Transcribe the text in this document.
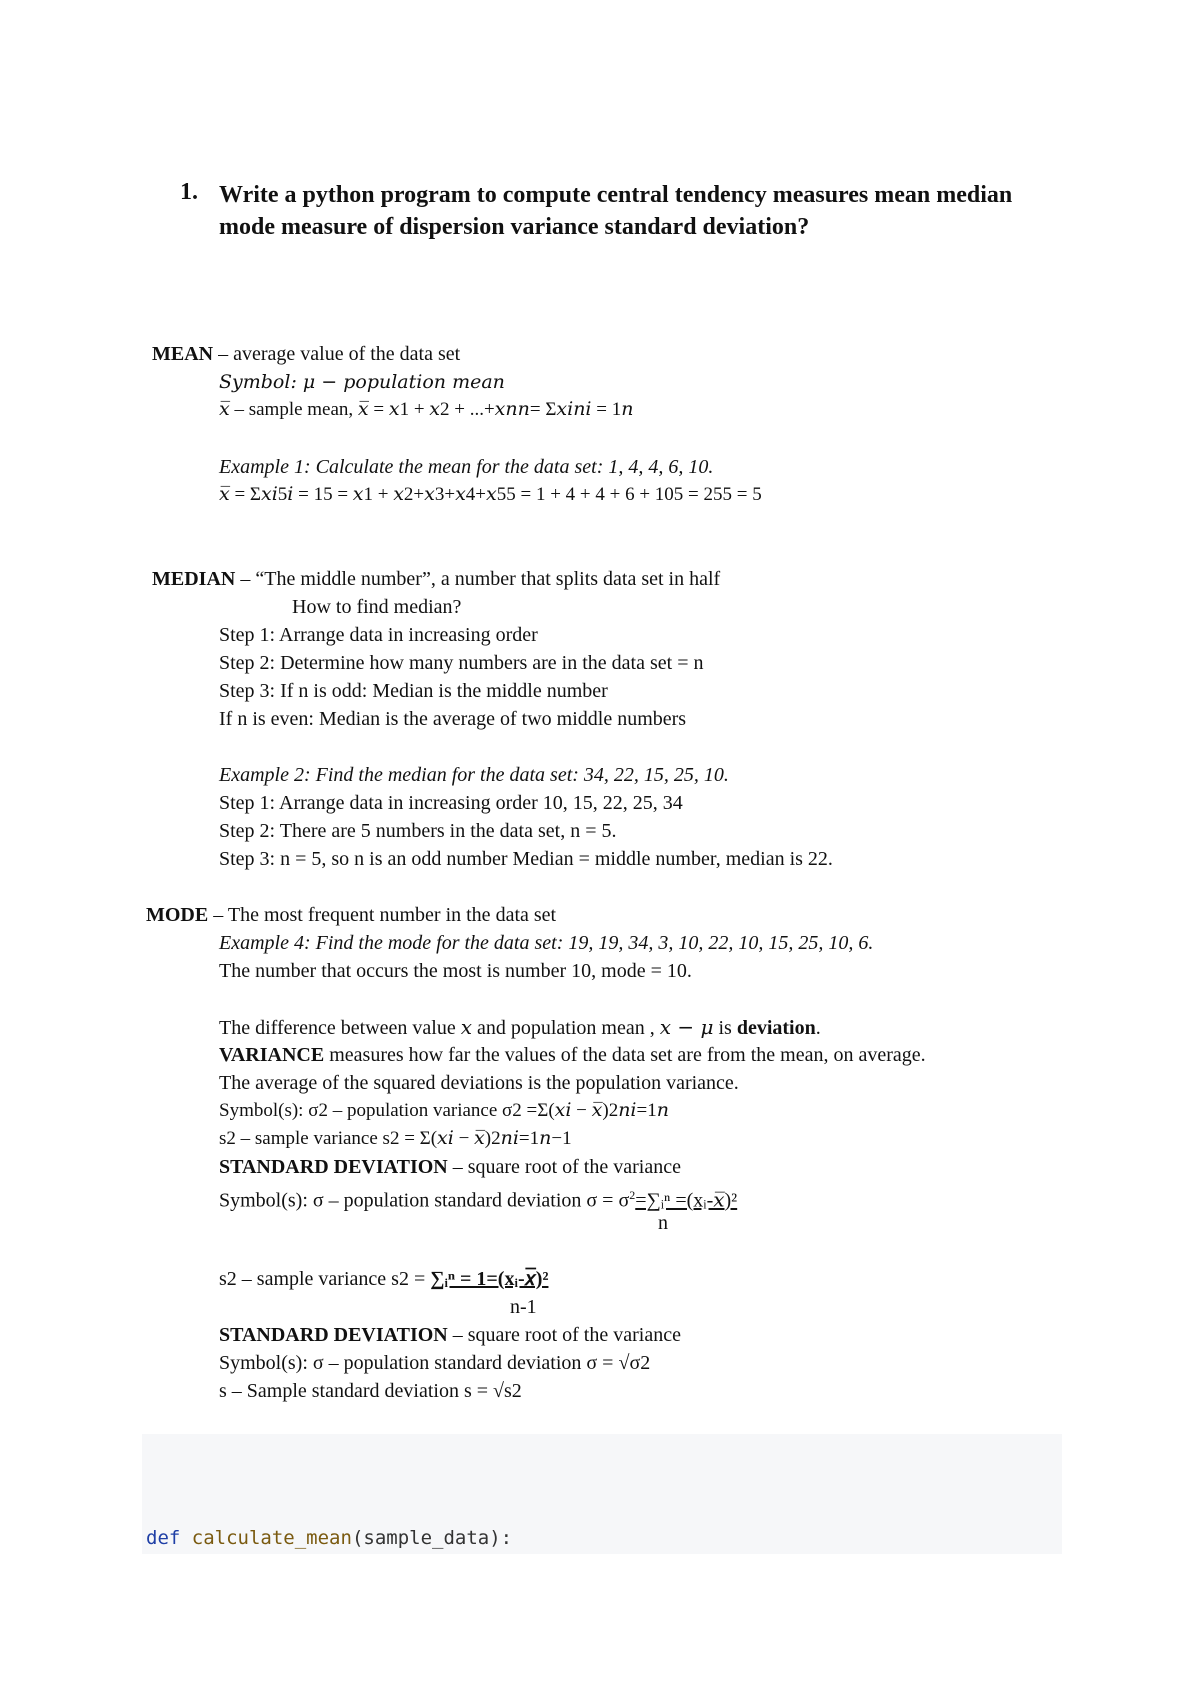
1. Write a python program to compute central tendency measures mean median mode measure of dispersion variance standard deviation?
MEAN – average value of the data set
Symbol: 𝜇 − 𝑝𝑜𝑝𝑢𝑙𝑎𝑡𝑖𝑜𝑛 𝑚𝑒𝑎𝑛
𝑥̅ – sample mean, 𝑥̅ = 𝑥1 + 𝑥2 + ...+𝑥𝑛𝑛= Σ𝑥𝑖𝑛𝑖 = 1𝑛
Example 1: Calculate the mean for the data set: 1, 4, 4, 6, 10.
𝑥̅ = Σ𝑥𝑖5𝑖 = 15 = 𝑥1 + 𝑥2+𝑥3+𝑥4+𝑥55 = 1 + 4 + 4 + 6 + 105 = 255 = 5
MEDIAN – “The middle number”, a number that splits data set in half
How to find median?
Step 1: Arrange data in increasing order
Step 2: Determine how many numbers are in the data set = n
Step 3: If n is odd: Median is the middle number
If n is even: Median is the average of two middle numbers
Example 2: Find the median for the data set: 34, 22, 15, 25, 10.
Step 1: Arrange data in increasing order 10, 15, 22, 25, 34
Step 2: There are 5 numbers in the data set, n = 5.
Step 3: n = 5, so n is an odd number Median = middle number, median is 22.
MODE – The most frequent number in the data set
Example 4: Find the mode for the data set: 19, 19, 34, 3, 10, 22, 10, 15, 25, 10, 6.
The number that occurs the most is number 10, mode = 10.
The difference between value 𝑥 and population mean , 𝑥 − 𝜇 is deviation.
VARIANCE measures how far the values of the data set are from the mean, on average.
The average of the squared deviations is the population variance.
Symbol(s): σ2 – population variance σ2 =Σ(𝑥𝑖 − 𝑥̅)2𝑛𝑖=1𝑛
s2 – sample variance s2 = Σ(𝑥𝑖 − 𝑥̅)2𝑛𝑖=1𝑛−1
STANDARD DEVIATION – square root of the variance
Symbol(s): σ – population standard deviation $\sigma = \sigma^2=\sum ᵢ^n$ =(xᵢ-𝑥̅)²
n
s2 – sample variance s2 = ∑ᵢⁿ = 1=(xᵢ-𝑥̅)²
n-1
STANDARD DEVIATION – square root of the variance
Symbol(s): σ – population standard deviation σ = √σ2
s – Sample standard deviation s = √s2
def calculate_mean(sample_data):
